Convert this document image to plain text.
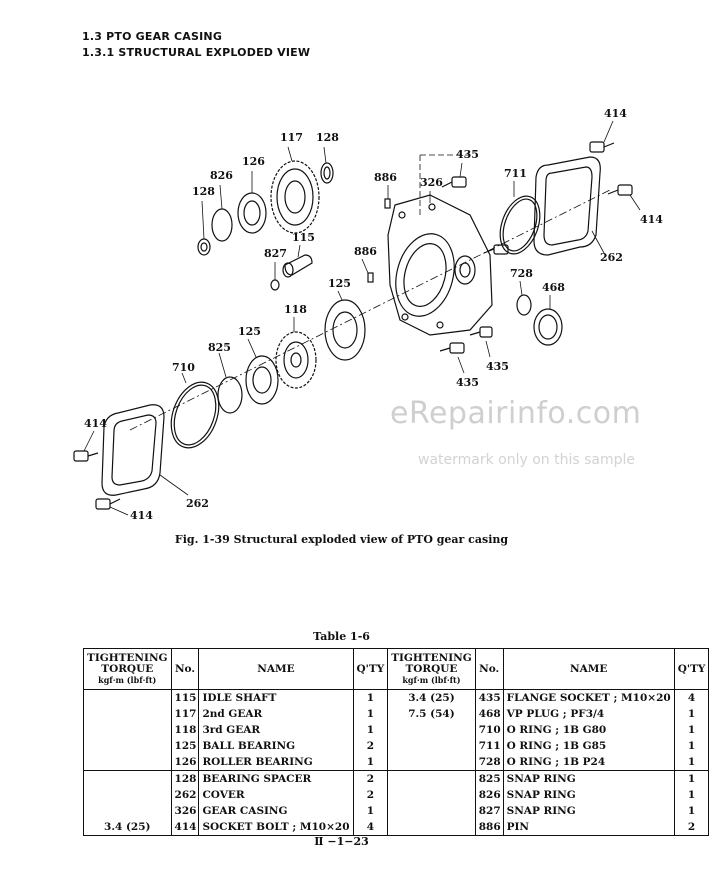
1.3 PTO GEAR CASING
1.3.1 STRUCTURAL EXPLODED VIEW
117 128
126
826
128
435
886 326
711
414
414
262
115
827	886
125
728
468
118
125
825
710	435
435
414
262
414
eRepairinfo.com
watermark only on this sample
Fig. 1-39 Structural exploded view of PTO gear casing
Table 1-6
TIGHTENING
TORQUE
kgf·m (lbf·ft)	No.	NAME	Q'TY	TIGHTENING
TORQUE
kgf·m (lbf·ft)	No.	NAME	Q'TY
	115	IDLE SHAFT	1	3.4 (25)	435	FLANGE SOCKET ; M10×20	4
	117	2nd GEAR	1	7.5 (54)	468	VP PLUG ; PF3/4	1
	118	3rd GEAR	1		710	O RING ; 1B G80	1
	125	BALL BEARING	2		711	O RING ; 1B G85	1
	126	ROLLER BEARING	1		728	O RING ; 1B P24	1
	128	BEARING SPACER	2		825	SNAP RING	1
	262	COVER	2		826	SNAP RING	1
	326	GEAR CASING	1		827	SNAP RING	1
3.4 (25)	414	SOCKET BOLT ; M10×20	4		886	PIN	2
Ⅱ −1−23
